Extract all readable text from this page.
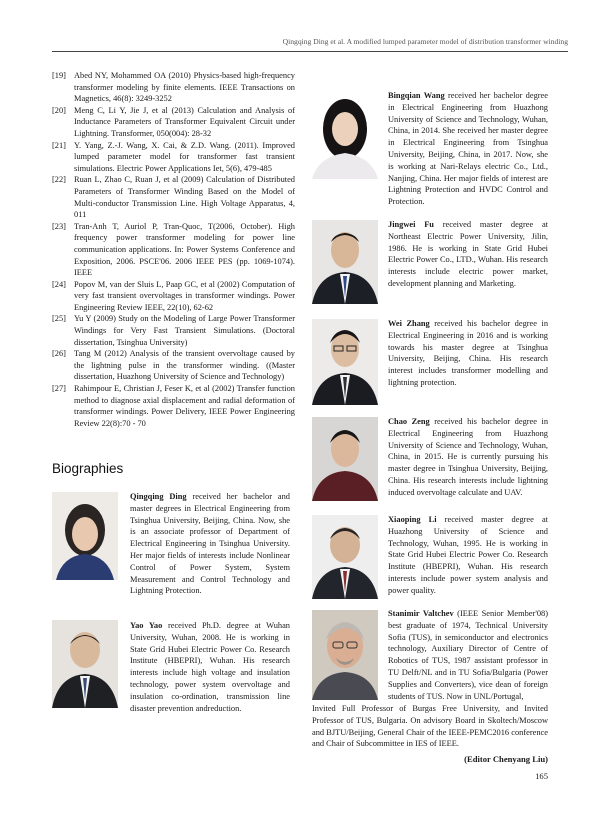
Qingqing Ding et al. A modified lumped parameter model of distribution transformer winding
[19] Abed NY, Mohammed OA (2010) Physics-based high-frequency transformer modeling by finite elements. IEEE Transactions on Magnetics, 46(8): 3249-3252
[20] Meng C, Li Y, Jie J, et al (2013) Calculation and Analysis of Inductance Parameters of Transformer Equivalent Circuit under Lightning. Transformer, 050(004): 28-32
[21] Y. Yang, Z.-J. Wang, X. Cai, & Z.D. Wang. (2011). Improved lumped parameter model for transformer fast transient simulations. Electric Power Applications Iet, 5(6), 479-485
[22] Ruan L, Zhao C, Ruan J, et al (2009) Calculation of Distributed Parameters of Transformer Winding Based on the Model of Multi-conductor Transmission Line. High Voltage Apparatus, 4, 011
[23] Tran-Anh T, Auriol P, Tran-Quoc, T(2006, October). High frequency power transformer modeling for power line communication applications. In: Power Systems Conference and Exposition, 2006. PSCE'06. 2006 IEEE PES (pp. 1069-1074). IEEE
[24] Popov M, van der Sluis L, Paap GC, et al (2002) Computation of very fast transient overvoltages in transformer windings. Power Engineering Review IEEE, 22(10), 62-62
[25] Yu Y (2009) Study on the Modeling of Large Power Transformer Windings for Very Fast Transient Simulations. (Doctoral dissertation, Tsinghua University)
[26] Tang M (2012) Analysis of the transient overvoltage caused by the lightning pulse in the transformer winding. ((Master dissertation, Huazhong University of Science and Technology)
[27] Rahimpour E, Christian J, Feser K, et al (2002) Transfer function method to diagnose axial displacement and radial deformation of transformer windings. Power Delivery, IEEE Power Engineering Review 22(8):70 - 70
Biographies
Qingqing Ding received her bachelor and master degrees in Electrical Engineering from Tsinghua University, Beijing, China. Now, she is an associate professor of Department of Electrical Engineering in Tsinghua University. Her major fields of interests include Nonlinear Control of Power System, System Measurement and Control Technology and Lightning Protection.
Yao Yao received Ph.D. degree at Wuhan University, Wuhan, 2008. He is working in State Grid Hubei Electric Power Co. Research Institute (HBEPRI), Wuhan. His research interests include high voltage and insulation technology, power system overvoltage and insulation co-ordination, transmission line disaster prevention andreduction.
Bingqian Wang received her bachelor degree in Electrical Engineering from Huazhong University of Science and Technology, Wuhan, China, in 2014. She received her master degree in Electrical Engineering from Tsinghua University, Beijing, China, in 2017. Now, she is working at Nari-Relays electric Co., Ltd., Nanjing, China. Her major fields of interest are Lightning Protection and HVDC Control and Protection.
Jingwei Fu received master degree at Northeast Electric Power University, Jilin, 1986. He is working in State Grid Hubei Electric Power Co., LTD., Wuhan. His research interests include electric power market, development planning and Marketing.
Wei Zhang received his bachelor degree in Electrical Engineering in 2016 and is working towards his master degree at Tsinghua University, Beijing, China. His research interest includes transformer modelling and lightning protection.
Chao Zeng received his bachelor degree in Electrical Engineering from Huazhong University of Science and Technology, Wuhan, China, in 2015. He is currently pursuing his master degree in Tsinghua University, Beijing, China. His research interests include lightning induced overvoltage calculate and UAV.
Xiaoping Li received master degree at Huazhong University of Science and Technology, Wuhan, 1995. He is working in State Grid Hubei Electric Power Co. Research Institute (HBEPRI), Wuhan. His research interests include power system analysis and power quality.
Stanimir Valtchev (IEEE Senior Member'08) best graduate of 1974, Technical University Sofia (TUS), in semiconductor and electronics technology, Auxiliary Director of Centre of Robotics of TUS, 1987 assistant professor in TU Delft/NL and in TU Sofia/Bulgaria (Power Supplies and Converters), vice dean of foreign students of TUS. Now in UNL/Portugal,
Invited Full Professor of Burgas Free University, and Invited Professor of TUS, Bulgaria. On advisory Board in Skoltech/Moscow and BJTU/Beijing, General Chair of the IEEE-PEMC2016 conference and Chair of Subcommittee in IES of IEEE.
(Editor Chenyang Liu)
165
